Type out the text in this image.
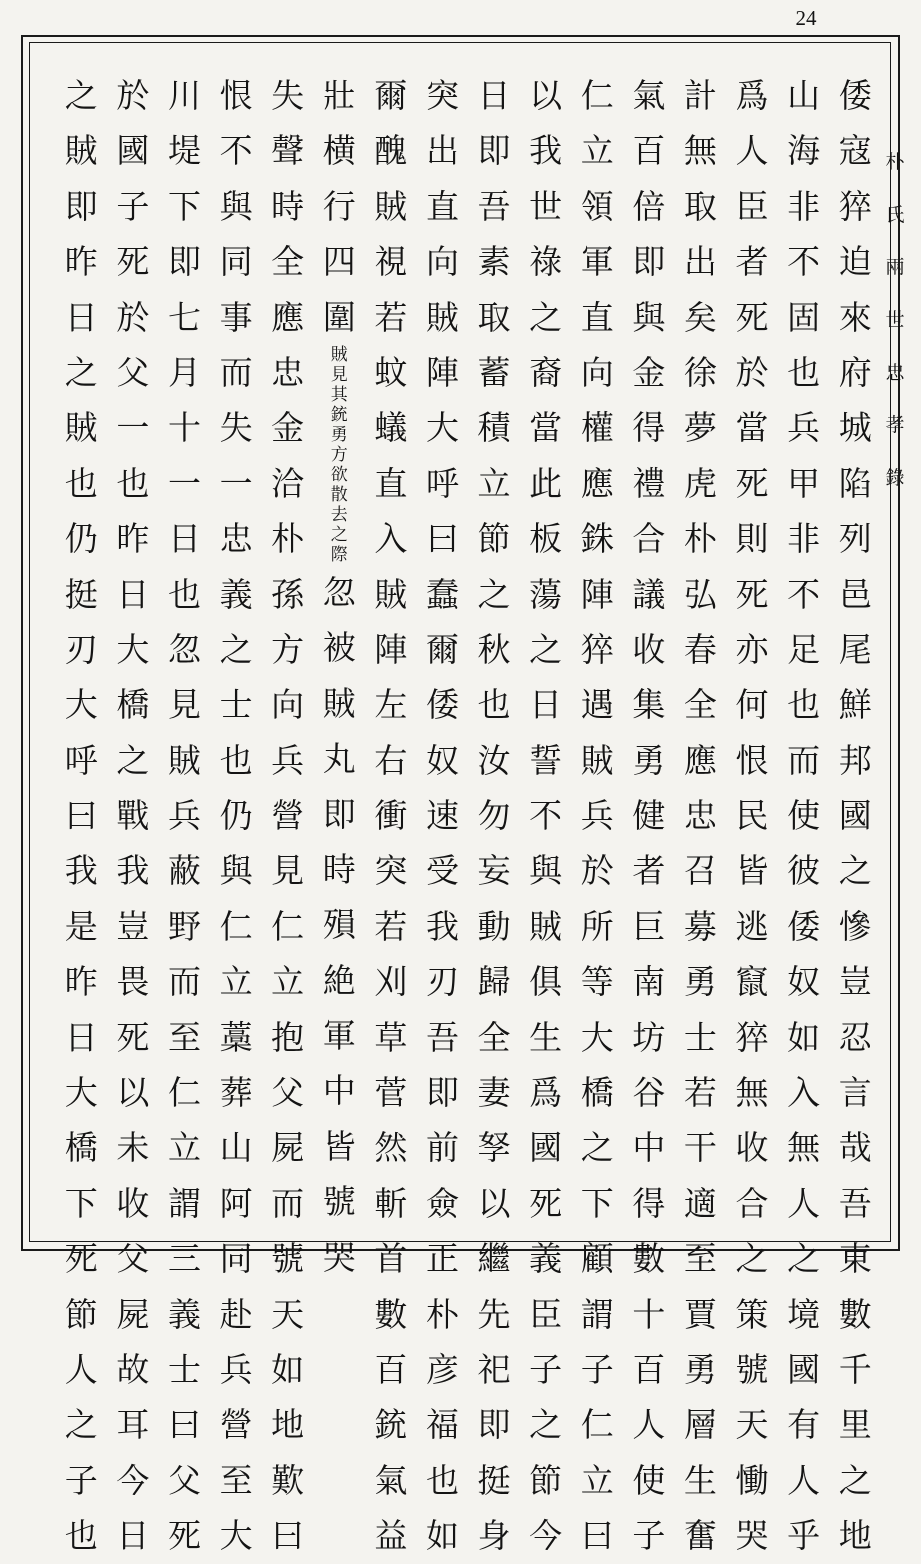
24
朴
氏
兩
世
忠
孝
錄
倭
寇
猝
迫
來
府
城
陷
列
邑
尾
鮮
邦
國
之
慘
豈
忍
言
哉
吾
東
數
千
里
之
地
山
海
非
不
固
也
兵
甲
非
不
足
也
而
使
彼
倭
奴
如
入
無
人
之
境
國
有
人
乎
爲
人
臣
者
死
於
當
死
則
死
亦
何
恨
民
皆
逃
竄
猝
無
收
合
之
策
號
天
慟
哭
計
無
取
出
矣
徐
夢
虎
朴
弘
春
全
應
忠
召
募
勇
士
若
干
適
至
賈
勇
層
生
奮
氣
百
倍
即
與
金
得
禮
合
議
收
集
勇
健
者
巨
南
坊
谷
中
得
數
十
百
人
使
子
仁
立
領
軍
直
向
權
應
銖
陣
猝
遇
賊
兵
於
所
等
大
橋
之
下
顧
謂
子
仁
立
曰
以
我
世
祿
之
裔
當
此
板
蕩
之
日
誓
不
與
賊
俱
生
爲
國
死
義
臣
子
之
節
今
日
即
吾
素
取
蓄
積
立
節
之
秋
也
汝
勿
妄
動
歸
全
妻
孥
以
繼
先
祀
即
挺
身
突
出
直
向
賊
陣
大
呼
曰
蠢
爾
倭
奴
速
受
我
刃
吾
即
前
僉
正
朴
彦
福
也
如
爾
醜
賊
視
若
蚊
蟻
直
入
賊
陣
左
右
衝
突
若
刈
草
菅
然
斬
首
數
百
銃
氣
益
壯
横
行
四
圍
賊
見
其
銃
勇
方
欲
散
去
之
際
忽
被
賊
丸
即
時
殞
絶
軍
中
皆
號
哭
失
聲
時
全
應
忠
金
洽
朴
孫
方
向
兵
營
見
仁
立
抱
父
屍
而
號
天
如
地
歎
曰
恨
不
與
同
事
而
失
一
忠
義
之
士
也
仍
與
仁
立
藁
葬
山
阿
同
赴
兵
營
至
大
川
堤
下
即
七
月
十
一
日
也
忽
見
賊
兵
蔽
野
而
至
仁
立
謂
三
義
士
曰
父
死
於
國
子
死
於
父
一
也
昨
日
大
橋
之
戰
我
豈
畏
死
以
未
收
父
屍
故
耳
今
日
之
賊
即
昨
日
之
賊
也
仍
挺
刃
大
呼
曰
我
是
昨
日
大
橋
下
死
節
人
之
子
也
